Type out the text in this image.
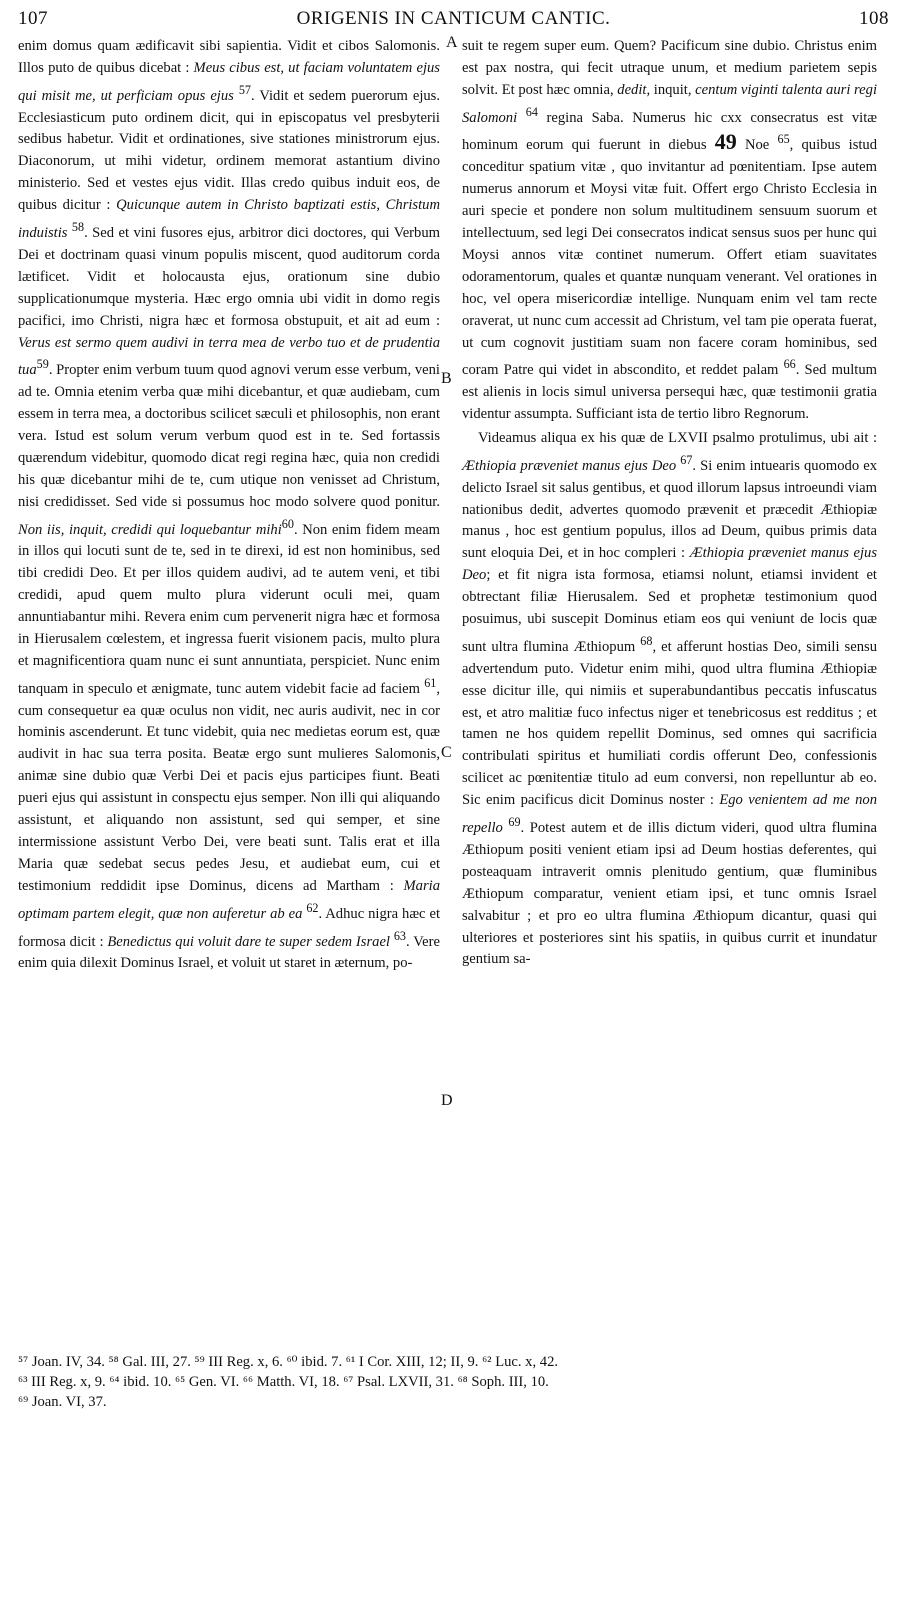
107	ORIGENIS IN CANTICUM CANTIC.	108
A
B
C
D

enim domus quam ædificavit sibi sapientia. Vidit et cibos Salomonis. Illos puto de quibus dicebat : Meus cibus est, ut faciam voluntatem ejus qui misit me, ut perficiam opus ejus $^{57}$. Vidit et sedem puerorum ejus. Ecclesiasticum puto ordinem dicit, qui in episcopatus vel presbyterii sedibus habetur. Vidit et ordinationes, sive stationes ministrorum ejus. Diaconorum, ut mihi videtur, ordinem memorat astantium divino ministerio. Sed et vestes ejus vidit. Illas credo quibus induit eos, de quibus dicitur : Quicunque autem in Christo baptizati estis, Christum induistis $^{58}$. Sed et vini fusores ejus, arbitror dici doctores, qui Verbum Dei et doctrinam quasi vinum populis miscent, quod auditorum corda lætificet. Vidit et holocausta ejus, orationum sine dubio supplicationumque mysteria. Hæc ergo omnia ubi vidit in domo regis pacifici, imo Christi, nigra hæc et formosa obstupuit, et ait ad eum : Verus est sermo quem audivi in terra mea de verbo tuo et de prudentia tua$^{59}$. Propter enim verbum tuum quod agnovi verum esse verbum, veni ad te. Omnia etenim verba quæ mihi dicebantur, et quæ audiebam, cum essem in terra mea, a doctoribus scilicet sæculi et philosophis, non erant vera. Istud est solum verum verbum quod est in te. Sed fortassis quærendum videbitur, quomodo dicat regi regina hæc, quia non credidi his quæ dicebantur mihi de te, cum utique non venisset ad Christum, nisi credidisset. Sed vide si possumus hoc modo solvere quod ponitur. Non iis, inquit, credidi qui loquebantur mihi$^{60}$. Non enim fidem meam in illos qui locuti sunt de te, sed in te direxi, id est non hominibus, sed tibi credidi Deo. Et per illos quidem audivi, ad te autem veni, et tibi credidi, apud quem multo plura viderunt oculi mei, quam annuntiabantur mihi. Revera enim cum pervenerit nigra hæc et formosa in Hierusalem cœlestem, et ingressa fuerit visionem pacis, multo plura et magnificentiora quam nunc ei sunt annuntiata, perspiciet. Nunc enim tanquam in speculo et ænigmate, tunc autem videbit facie ad faciem $^{61}$, cum consequetur ea quæ oculus non vidit, nec auris audivit, nec in cor hominis ascenderunt. Et tunc videbit, quia nec medietas eorum est, quæ audivit in hac sua terra posita. Beatæ ergo sunt mulieres Salomonis, animæ sine dubio quæ Verbi Dei et pacis ejus participes fiunt. Beati pueri ejus qui assistunt in conspectu ejus semper. Non illi qui aliquando assistunt, et aliquando non assistunt, sed qui semper, et sine intermissione assistunt Verbo Dei, vere beati sunt. Talis erat et illa Maria quæ sedebat secus pedes Jesu, et audiebat eum, cui et testimonium reddidit ipse Dominus, dicens ad Martham : Maria optimam partem elegit, quæ non auferetur ab ea $^{62}$. Adhuc nigra hæc et formosa dicit : Benedictus qui voluit dare te super sedem Israel $^{63}$. Vere enim quia dilexit Dominus Israel, et voluit ut staret in æternum, po-

suit te regem super eum. Quem? Pacificum sine dubio. Christus enim est pax nostra, qui fecit utraque unum, et medium parietem sepis solvit. Et post hæc omnia, dedit, inquit, centum viginti talenta auri regi Salomoni $^{64}$ regina Saba. Numerus hic cxx consecratus est vitæ hominum eorum qui fuerunt in diebus 49 Noe $^{65}$, quibus istud conceditur spatium vitæ , quo invitantur ad pœnitentiam. Ipse autem numerus annorum et Moysi vitæ fuit. Offert ergo Christo Ecclesia in auri specie et pondere non solum multitudinem sensuum suorum et intellectuum, sed legi Dei consecratos indicat sensus suos per hunc qui Moysi annos vitæ continet numerum. Offert etiam suavitates odoramentorum, quales et quantæ nunquam venerant. Vel orationes in hoc, vel opera misericordiæ intellige. Nunquam enim vel tam recte oraverat, ut nunc cum accessit ad Christum, vel tam pie operata fuerat, ut cum cognovit justitiam suam non facere coram hominibus, sed coram Patre qui videt in abscondito, et reddet palam $^{66}$. Sed multum est alienis in locis simul universa persequi hæc, quæ testimonii gratia videntur assumpta. Sufficiant ista de tertio libro Regnorum.

Videamus aliqua ex his quæ de LXVII psalmo protulimus, ubi ait : Æthiopia præveniet manus ejus Deo $^{67}$. Si enim intuearis quomodo ex delicto Israel sit salus gentibus, et quod illorum lapsus introeundi viam nationibus dedit, advertes quomodo prævenit et præcedit Æthiopiæ manus , hoc est gentium populus, illos ad Deum, quibus primis data sunt eloquia Dei, et in hoc compleri : Æthiopia præveniet manus ejus Deo; et fit nigra ista formosa, etiamsi nolunt, etiamsi invident et obtrectant filiæ Hierusalem. Sed et prophetæ testimonium quod posuimus, ubi suscepit Dominus etiam eos qui veniunt de locis quæ sunt ultra flumina Æthiopum $^{68}$, et afferunt hostias Deo, simili sensu advertendum puto. Videtur enim mihi, quod ultra flumina Æthiopiæ esse dicitur ille, qui nimiis et superabundantibus peccatis infuscatus est, et atro malitiæ fuco infectus niger et tenebricosus est redditus ; et tamen ne hos quidem repellit Dominus, sed omnes qui sacrificia contribulati spiritus et humiliati cordis offerunt Deo, confessionis scilicet ac pœnitentiæ titulo ad eum conversi, non repelluntur ab eo. Sic enim pacificus dicit Dominus noster : Ego venientem ad me non repello $^{69}$. Potest autem et de illis dictum videri, quod ultra flumina Æthiopum positi venient etiam ipsi ad Deum hostias deferentes, qui posteaquam intraverit omnis plenitudo gentium, quæ fluminibus Æthiopum comparatur, venient etiam ipsi, et tunc omnis Israel salvabitur ; et pro eo ultra flumina Æthiopum dicantur, quasi qui ulteriores et posteriores sint his spatiis, in quibus currit et inundatur gentium sa-

⁵⁷ Joan. IV, 34. ⁵⁸ Gal. III, 27. ⁵⁹ III Reg. x, 6. ⁶⁰ ibid. 7. ⁶¹ I Cor. XIII, 12; II, 9. ⁶² Luc. x, 42.
⁶³ III Reg. x, 9. ⁶⁴ ibid. 10. ⁶⁵ Gen. VI. ⁶⁶ Matth. VI, 18. ⁶⁷ Psal. LXVII, 31. ⁶⁸ Soph. III, 10.
⁶⁹ Joan. VI, 37.
